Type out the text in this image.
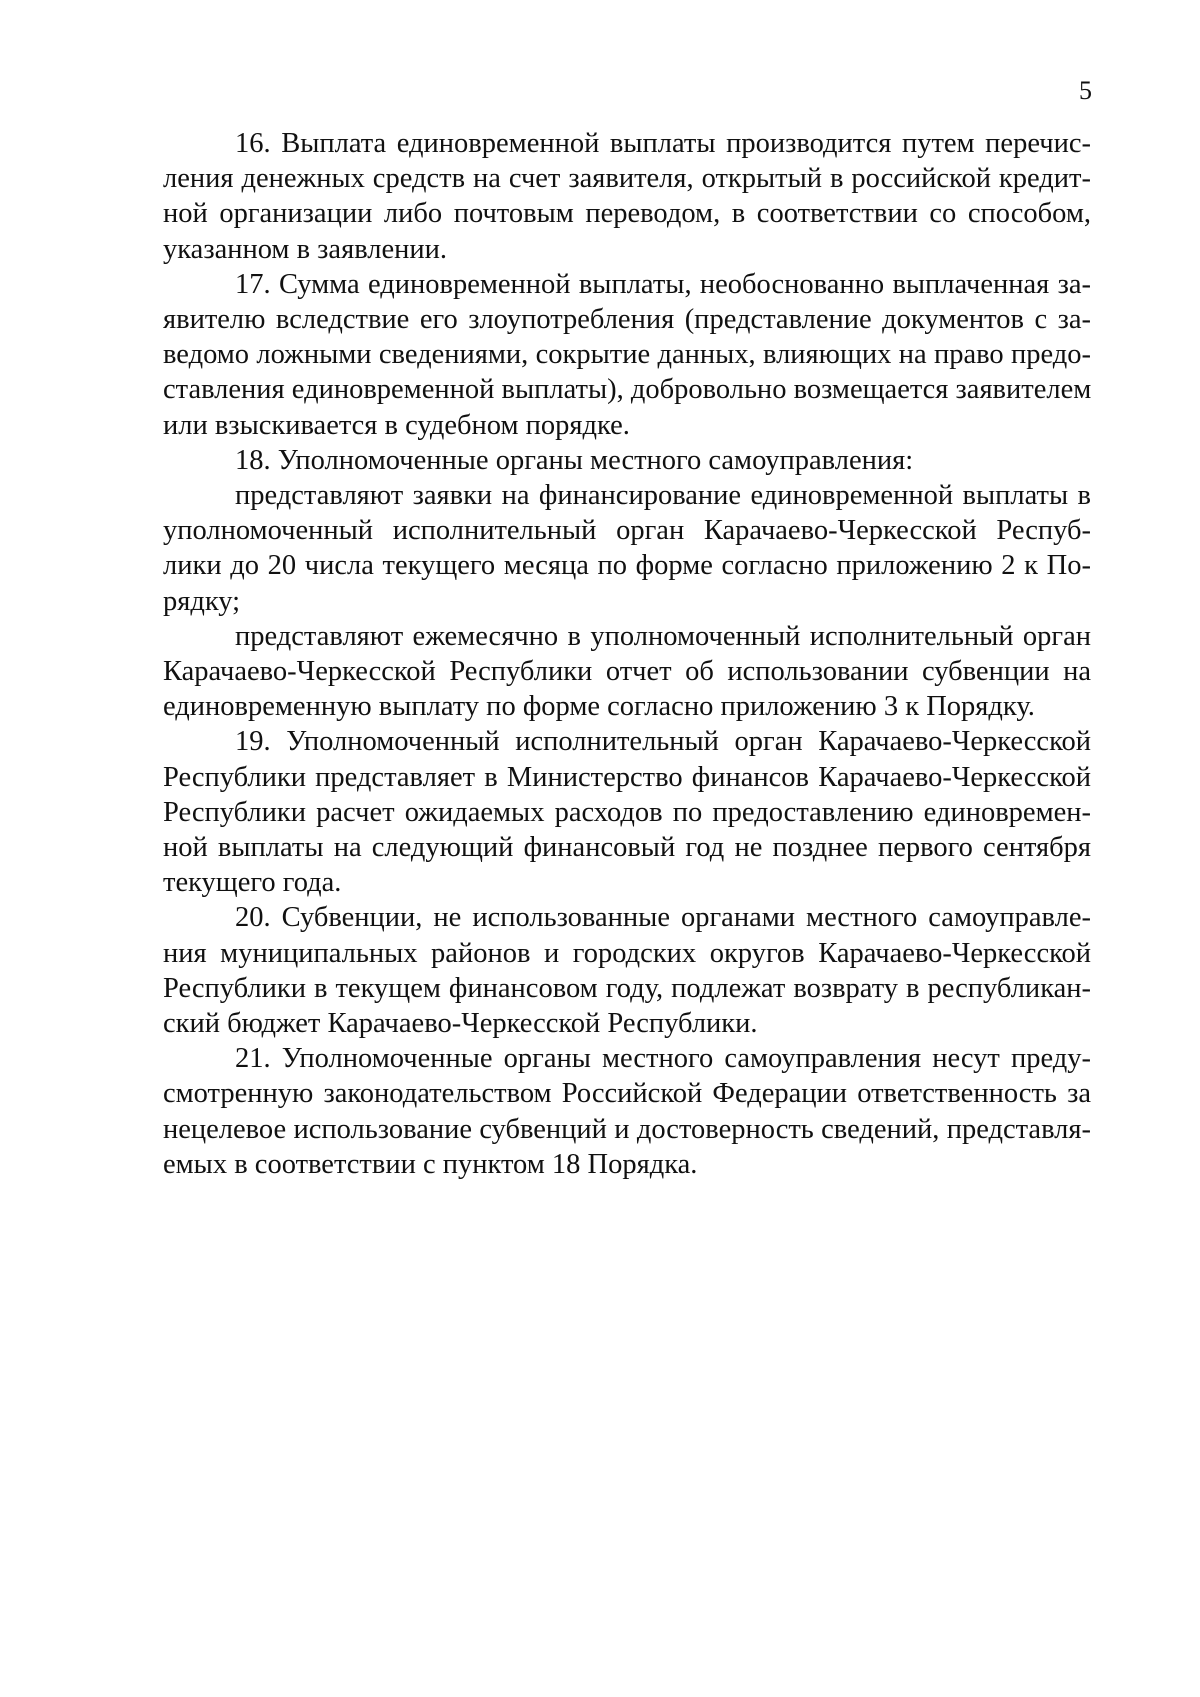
5
16. Выплата единовременной выплаты производится путем перечис-
ления денежных средств на счет заявителя, открытый в российской кредит-
ной организации либо почтовым переводом, в соответствии со способом,
указанном в заявлении.
17. Сумма единовременной выплаты, необоснованно выплаченная за-
явителю вследствие его злоупотребления (представление документов с за-
ведомо ложными сведениями, сокрытие данных, влияющих на право предо-
ставления единовременной выплаты), добровольно возмещается заявителем
или взыскивается в судебном порядке.
18. Уполномоченные органы местного самоуправления:
представляют заявки на финансирование единовременной выплаты в
уполномоченный исполнительный орган Карачаево-Черкесской Респуб-
лики до 20 числа текущего месяца по форме согласно приложению 2 к По-
рядку;
представляют ежемесячно в уполномоченный исполнительный орган
Карачаево-Черкесской Республики отчет об использовании субвенции на
единовременную выплату по форме согласно приложению 3 к Порядку.
19. Уполномоченный исполнительный орган Карачаево-Черкесской
Республики представляет в Министерство финансов Карачаево-Черкесской
Республики расчет ожидаемых расходов по предоставлению единовремен-
ной выплаты на следующий финансовый год не позднее первого сентября
текущего года.
20. Субвенции, не использованные органами местного самоуправле-
ния муниципальных районов и городских округов Карачаево-Черкесской
Республики в текущем финансовом году, подлежат возврату в республикан-
ский бюджет Карачаево-Черкесской Республики.
21. Уполномоченные органы местного самоуправления несут преду-
смотренную законодательством Российской Федерации ответственность за
нецелевое использование субвенций и достоверность сведений, представля-
емых в соответствии с пунктом 18 Порядка.
